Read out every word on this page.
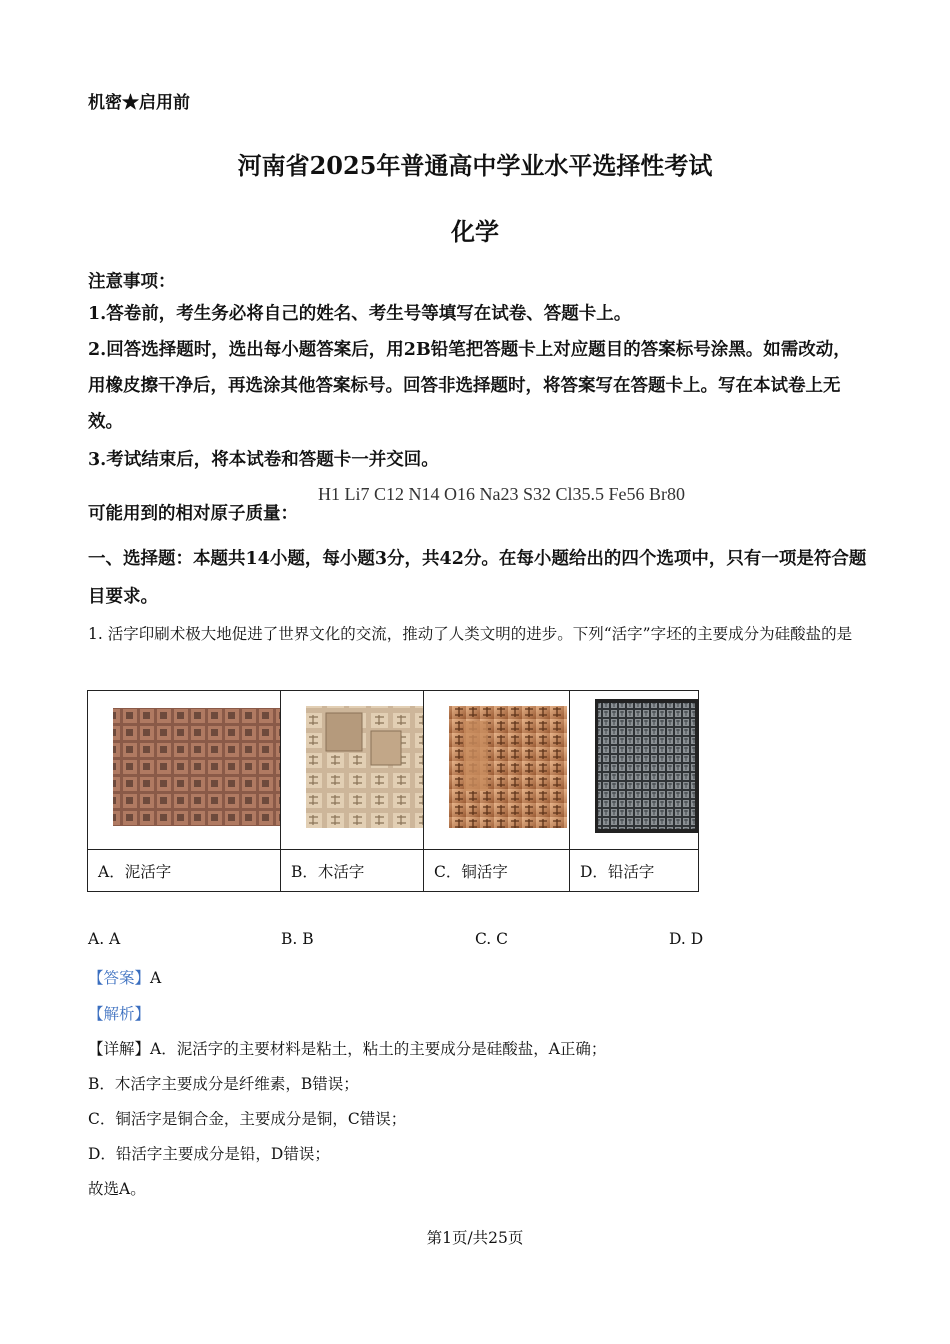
机密★启用前
河南省2025年普通高中学业水平选择性考试
化学
注意事项：
1.答卷前，考生务必将自己的姓名、考生号等填写在试卷、答题卡上。
2.回答选择题时，选出每小题答案后，用2B铅笔把答题卡上对应题目的答案标号涂黑。如需改动，用橡皮擦干净后，再选涂其他答案标号。回答非选择题时，将答案写在答题卡上。写在本试卷上无效。
3.考试结束后，将本试卷和答题卡一并交回。
可能用到的相对原子质量：
H1 Li7 C12 N14 O16 Na23 S32 Cl35.5 Fe56 Br80
一、选择题：本题共14小题，每小题3分，共42分。在每小题给出的四个选项中，只有一项是符合题目要求。
1. 活字印刷术极大地促进了世界文化的交流，推动了人类文明的进步。下列“活字”字坯的主要成分为硅酸盐的是

A．泥活字	B．木活字	C．铜活字	D．铅活字
A. A	B. B	C. C	D. D
【答案】A
【解析】
【详解】A．泥活字的主要材料是粘土，粘土的主要成分是硅酸盐，A正确；
B．木活字主要成分是纤维素，B错误；
C．铜活字是铜合金，主要成分是铜，C错误；
D．铅活字主要成分是铅，D错误；
故选A。
第1页/共25页
